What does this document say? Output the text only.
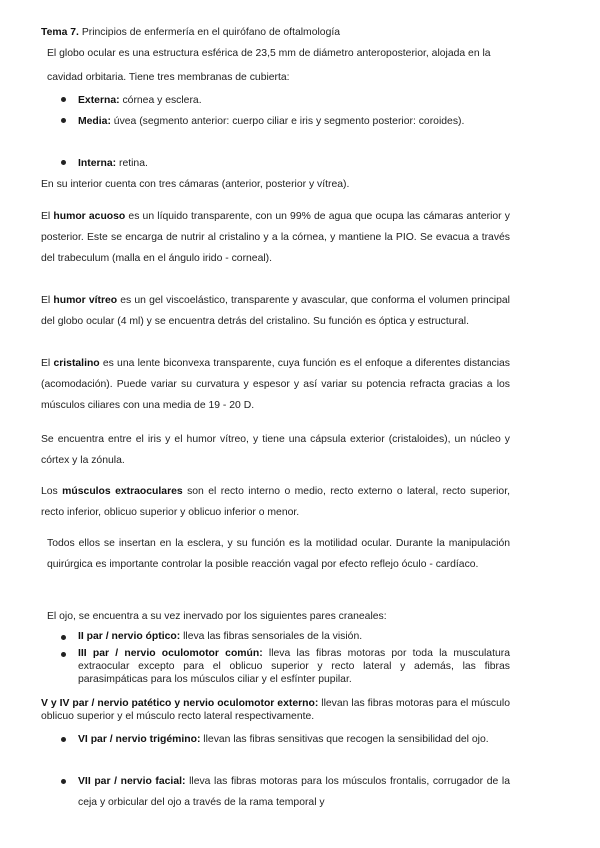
Tema 7. Principios de enfermería en el quirófano de oftalmología

El globo ocular es una estructura esférica de 23,5 mm de diámetro anteroposterior, alojada en la cavidad orbitaria. Tiene tres membranas de cubierta:

Externa: córnea y esclera.

Media: úvea (segmento anterior: cuerpo ciliar e iris y segmento posterior: coroides).

Interna: retina.

En su interior cuenta con tres cámaras (anterior, posterior y vítrea).

El humor acuoso es un líquido transparente, con un 99% de agua que ocupa las cámaras anterior y posterior. Este se encarga de nutrir al cristalino y a la córnea, y mantiene la PIO. Se evacua a través del trabeculum (malla en el ángulo irido - corneal).

El humor vítreo es un gel viscoelástico, transparente y avascular, que conforma el volumen principal del globo ocular (4 ml) y se encuentra detrás del cristalino. Su función es óptica y estructural.

El cristalino es una lente biconvexa transparente, cuya función es el enfoque a diferentes distancias (acomodación). Puede variar su curvatura y espesor y así variar su potencia refracta gracias a los músculos ciliares con una media de 19 - 20 D.

Se encuentra entre el iris y el humor vítreo, y tiene una cápsula exterior (cristaloides), un núcleo y córtex y la zónula.

Los músculos extraoculares son el recto interno o medio, recto externo o lateral, recto superior, recto inferior, oblicuo superior y oblicuo inferior o menor.

Todos ellos se insertan en la esclera, y su función es la motilidad ocular. Durante la manipulación quirúrgica es importante controlar la posible reacción vagal por efecto reflejo óculo - cardíaco.

El ojo, se encuentra a su vez inervado por los siguientes pares craneales:

II par / nervio óptico: lleva las fibras sensoriales de la visión.

III par / nervio oculomotor común: lleva las fibras motoras por toda la musculatura extraocular excepto para el oblicuo superior y recto lateral y además, las fibras parasimpáticas para los músculos ciliar y el esfínter pupilar.

V y IV par / nervio patético y nervio oculomotor externo: llevan las fibras motoras para el músculo oblicuo superior y el músculo recto lateral respectivamente.

VI par / nervio trigémino: llevan las fibras sensitivas que recogen la sensibilidad del ojo.

VII par / nervio facial: lleva las fibras motoras para los músculos frontalis, corrugador de la ceja y orbicular del ojo a través de la rama temporal y
